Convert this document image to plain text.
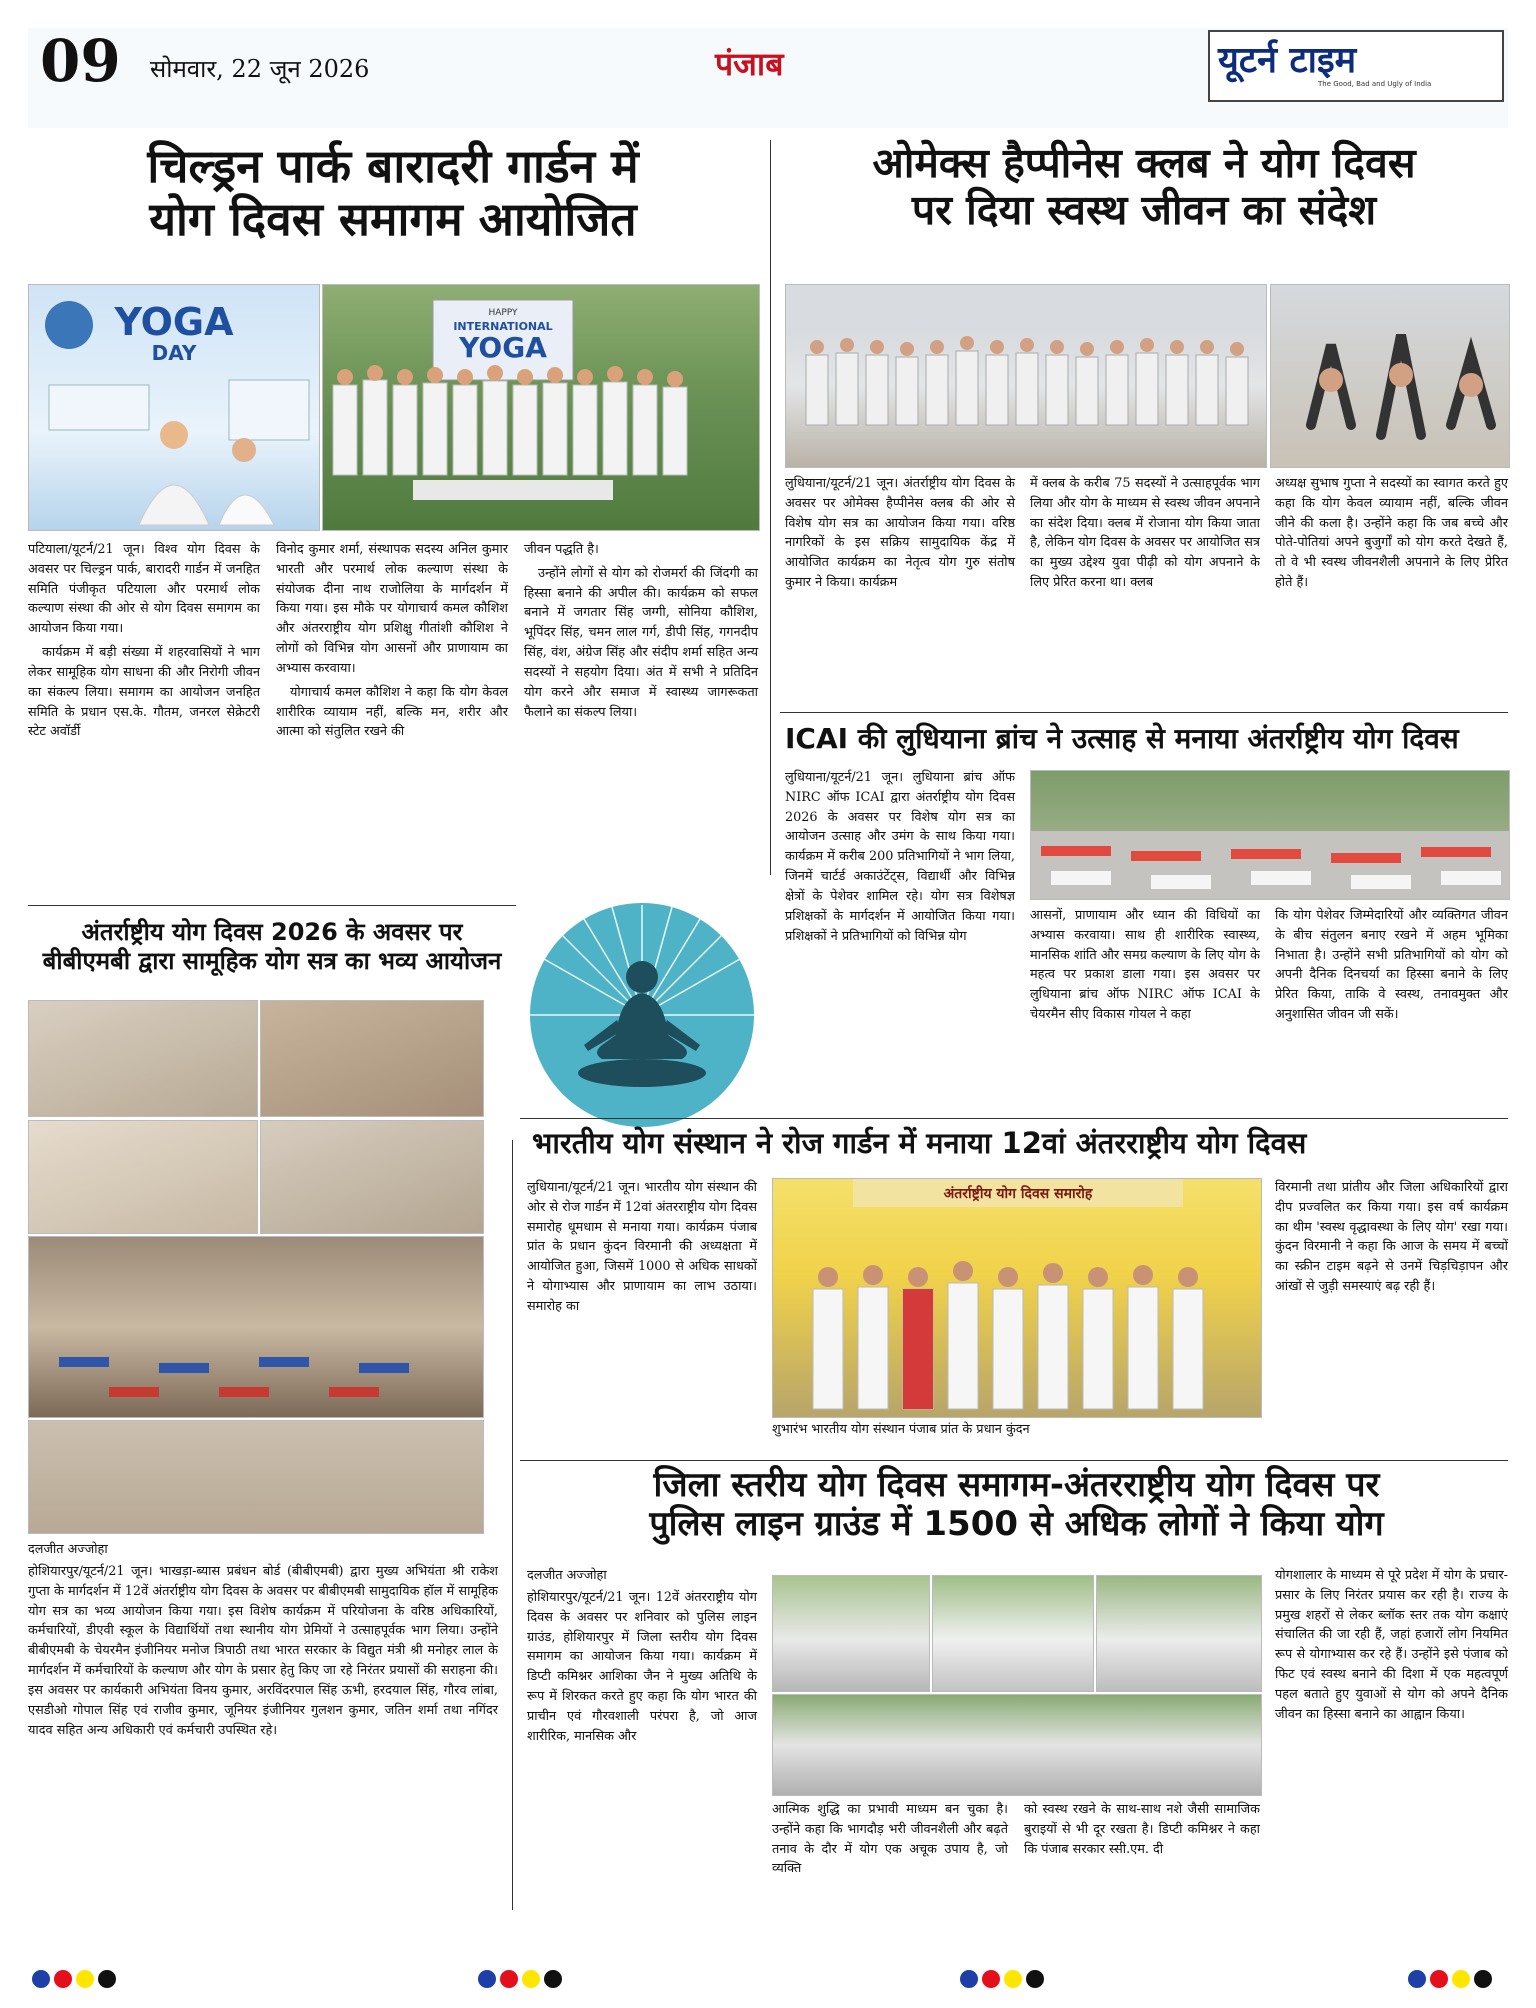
09 सोमवार, 22 जून 2026	पंजाब	यूटर्न टाइम
The Good, Bad and Ugly of India
चिल्ड्रन पार्क बारादरी गार्डन में
योग दिवस समागम आयोजित
YOGA
DAY
HAPPY
INTERNATIONAL
YOGA

पटियाला/यूटर्न/21 जून। विश्व योग दिवस के अवसर पर चिल्ड्रन पार्क, बारादरी गार्डन में जनहित समिति पंजीकृत पटियाला और परमार्थ लोक कल्याण संस्था की ओर से योग दिवस समागम का आयोजन किया गया।

कार्यक्रम में बड़ी संख्या में शहरवासियों ने भाग लेकर सामूहिक योग साधना की और निरोगी जीवन का संकल्प लिया। समागम का आयोजन जनहित समिति के प्रधान एस.के. गौतम, जनरल सेक्रेटरी स्टेट अवॉर्डी

विनोद कुमार शर्मा, संस्थापक सदस्य अनिल कुमार भारती और परमार्थ लोक कल्याण संस्था के संयोजक दीना नाथ राजोलिया के मार्गदर्शन में किया गया। इस मौके पर योगाचार्य कमल कौशिश और अंतरराष्ट्रीय योग प्रशिक्षु गीतांशी कौशिश ने लोगों को विभिन्न योग आसनों और प्राणायाम का अभ्यास करवाया।

योगाचार्य कमल कौशिश ने कहा कि योग केवल शारीरिक व्यायाम नहीं, बल्कि मन, शरीर और आत्मा को संतुलित रखने की

जीवन पद्धति है।

उन्होंने लोगों से योग को रोजमर्रा की जिंदगी का हिस्सा बनाने की अपील की। कार्यक्रम को सफल बनाने में जगतार सिंह जग्गी, सोनिया कौशिश, भूपिंदर सिंह, चमन लाल गर्ग, डीपी सिंह, गगनदीप सिंह, वंश, अंग्रेज सिंह और संदीप शर्मा सहित अन्य सदस्यों ने सहयोग दिया। अंत में सभी ने प्रतिदिन योग करने और समाज में स्वास्थ्य जागरूकता फैलाने का संकल्प लिया।

ओमेक्स हैप्पीनेस क्लब ने योग दिवस
पर दिया स्वस्थ जीवन का संदेश

लुधियाना/यूटर्न/21 जून। अंतर्राष्ट्रीय योग दिवस के अवसर पर ओमेक्स हैप्पीनेस क्लब की ओर से विशेष योग सत्र का आयोजन किया गया। वरिष्ठ नागरिकों के इस सक्रिय सामुदायिक केंद्र में आयोजित कार्यक्रम का नेतृत्व योग गुरु संतोष कुमार ने किया। कार्यक्रम

में क्लब के करीब 75 सदस्यों ने उत्साहपूर्वक भाग लिया और योग के माध्यम से स्वस्थ जीवन अपनाने का संदेश दिया। क्लब में रोजाना योग किया जाता है, लेकिन योग दिवस के अवसर पर आयोजित सत्र का मुख्य उद्देश्य युवा पीढ़ी को योग अपनाने के लिए प्रेरित करना था। क्लब

अध्यक्ष सुभाष गुप्ता ने सदस्यों का स्वागत करते हुए कहा कि योग केवल व्यायाम नहीं, बल्कि जीवन जीने की कला है। उन्होंने कहा कि जब बच्चे और पोते-पोतियां अपने बुजुर्गों को योग करते देखते हैं, तो वे भी स्वस्थ जीवनशैली अपनाने के लिए प्रेरित होते हैं।

ICAI की लुधियाना ब्रांच ने उत्साह से मनाया अंतर्राष्ट्रीय योग दिवस

लुधियाना/यूटर्न/21 जून। लुधियाना ब्रांच ऑफ NIRC ऑफ ICAI द्वारा अंतर्राष्ट्रीय योग दिवस 2026 के अवसर पर विशेष योग सत्र का आयोजन उत्साह और उमंग के साथ किया गया। कार्यक्रम में करीब 200 प्रतिभागियों ने भाग लिया, जिनमें चार्टर्ड अकाउंटेंट्स, विद्यार्थी और विभिन्न क्षेत्रों के पेशेवर शामिल रहे। योग सत्र विशेषज्ञ प्रशिक्षकों के मार्गदर्शन में आयोजित किया गया। प्रशिक्षकों ने प्रतिभागियों को विभिन्न योग

आसनों, प्राणायाम और ध्यान की विधियों का अभ्यास करवाया। साथ ही शारीरिक स्वास्थ्य, मानसिक शांति और समग्र कल्याण के लिए योग के महत्व पर प्रकाश डाला गया। इस अवसर पर लुधियाना ब्रांच ऑफ NIRC ऑफ ICAI के चेयरमैन सीए विकास गोयल ने कहा

कि योग पेशेवर जिम्मेदारियों और व्यक्तिगत जीवन के बीच संतुलन बनाए रखने में अहम भूमिका निभाता है। उन्होंने सभी प्रतिभागियों को योग को अपनी दैनिक दिनचर्या का हिस्सा बनाने के लिए प्रेरित किया, ताकि वे स्वस्थ, तनावमुक्त और अनुशासित जीवन जी सकें।

अंतर्राष्ट्रीय योग दिवस 2026 के अवसर पर
बीबीएमबी द्वारा सामूहिक योग सत्र का भव्य आयोजन

दलजीत अज्जोहा

होशियारपुर/यूटर्न/21 जून। भाखड़ा-ब्यास प्रबंधन बोर्ड (बीबीएमबी) द्वारा मुख्य अभियंता श्री राकेश गुप्ता के मार्गदर्शन में 12वें अंतर्राष्ट्रीय योग दिवस के अवसर पर बीबीएमबी सामुदायिक हॉल में सामूहिक योग सत्र का भव्य आयोजन किया गया। इस विशेष कार्यक्रम में परियोजना के वरिष्ठ अधिकारियों, कर्मचारियों, डीएवी स्कूल के विद्यार्थियों तथा स्थानीय योग प्रेमियों ने उत्साहपूर्वक भाग लिया। उन्होंने बीबीएमबी के चेयरमैन इंजीनियर मनोज त्रिपाठी तथा भारत सरकार के विद्युत मंत्री श्री मनोहर लाल के मार्गदर्शन में कर्मचारियों के कल्याण और योग के प्रसार हेतु किए जा रहे निरंतर प्रयासों की सराहना की। इस अवसर पर कार्यकारी अभियंता विनय कुमार, अरविंदरपाल सिंह ऊभी, हरदयाल सिंह, गौरव लांबा, एसडीओ गोपाल सिंह एवं राजीव कुमार, जूनियर इंजीनियर गुलशन कुमार, जतिन शर्मा तथा नगिंदर यादव सहित अन्य अधिकारी एवं कर्मचारी उपस्थित रहे।

भारतीय योग संस्थान ने रोज गार्डन में मनाया 12वां अंतरराष्ट्रीय योग दिवस

लुधियाना/यूटर्न/21 जून। भारतीय योग संस्थान की ओर से रोज गार्डन में 12वां अंतरराष्ट्रीय योग दिवस समारोह धूमधाम से मनाया गया। कार्यक्रम पंजाब प्रांत के प्रधान कुंदन विरमानी की अध्यक्षता में आयोजित हुआ, जिसमें 1000 से अधिक साधकों ने योगाभ्यास और प्राणायाम का लाभ उठाया। समारोह का

अंतर्राष्ट्रीय योग दिवस समारोह

शुभारंभ भारतीय योग संस्थान पंजाब प्रांत के प्रधान कुंदन

विरमानी तथा प्रांतीय और जिला अधिकारियों द्वारा दीप प्रज्वलित कर किया गया। इस वर्ष कार्यक्रम का थीम 'स्वस्थ वृद्धावस्था के लिए योग' रखा गया। कुंदन विरमानी ने कहा कि आज के समय में बच्चों का स्क्रीन टाइम बढ़ने से उनमें चिड़चिड़ापन और आंखों से जुड़ी समस्याएं बढ़ रही हैं।

जिला स्तरीय योग दिवस समागम-अंतरराष्ट्रीय योग दिवस पर
पुलिस लाइन ग्राउंड में 1500 से अधिक लोगों ने किया योग

दलजीत अज्जोहा

होशियारपुर/यूटर्न/21 जून। 12वें अंतरराष्ट्रीय योग दिवस के अवसर पर शनिवार को पुलिस लाइन ग्राउंड, होशियारपुर में जिला स्तरीय योग दिवस समागम का आयोजन किया गया। कार्यक्रम में डिप्टी कमिश्नर आशिका जैन ने मुख्य अतिथि के रूप में शिरकत करते हुए कहा कि योग भारत की प्राचीन एवं गौरवशाली परंपरा है, जो आज शारीरिक, मानसिक और

आत्मिक शुद्धि का प्रभावी माध्यम बन चुका है। उन्होंने कहा कि भागदौड़ भरी जीवनशैली और बढ़ते तनाव के दौर में योग एक अचूक उपाय है, जो व्यक्ति

को स्वस्थ रखने के साथ-साथ नशे जैसी सामाजिक बुराइयों से भी दूर रखता है। डिप्टी कमिश्नर ने कहा कि पंजाब सरकार स्सी.एम. दी

योगशालार के माध्यम से पूरे प्रदेश में योग के प्रचार-प्रसार के लिए निरंतर प्रयास कर रही है। राज्य के प्रमुख शहरों से लेकर ब्लॉक स्तर तक योग कक्षाएं संचालित की जा रही हैं, जहां हजारों लोग नियमित रूप से योगाभ्यास कर रहे हैं। उन्होंने इसे पंजाब को फिट एवं स्वस्थ बनाने की दिशा में एक महत्वपूर्ण पहल बताते हुए युवाओं से योग को अपने दैनिक जीवन का हिस्सा बनाने का आह्वान किया।
